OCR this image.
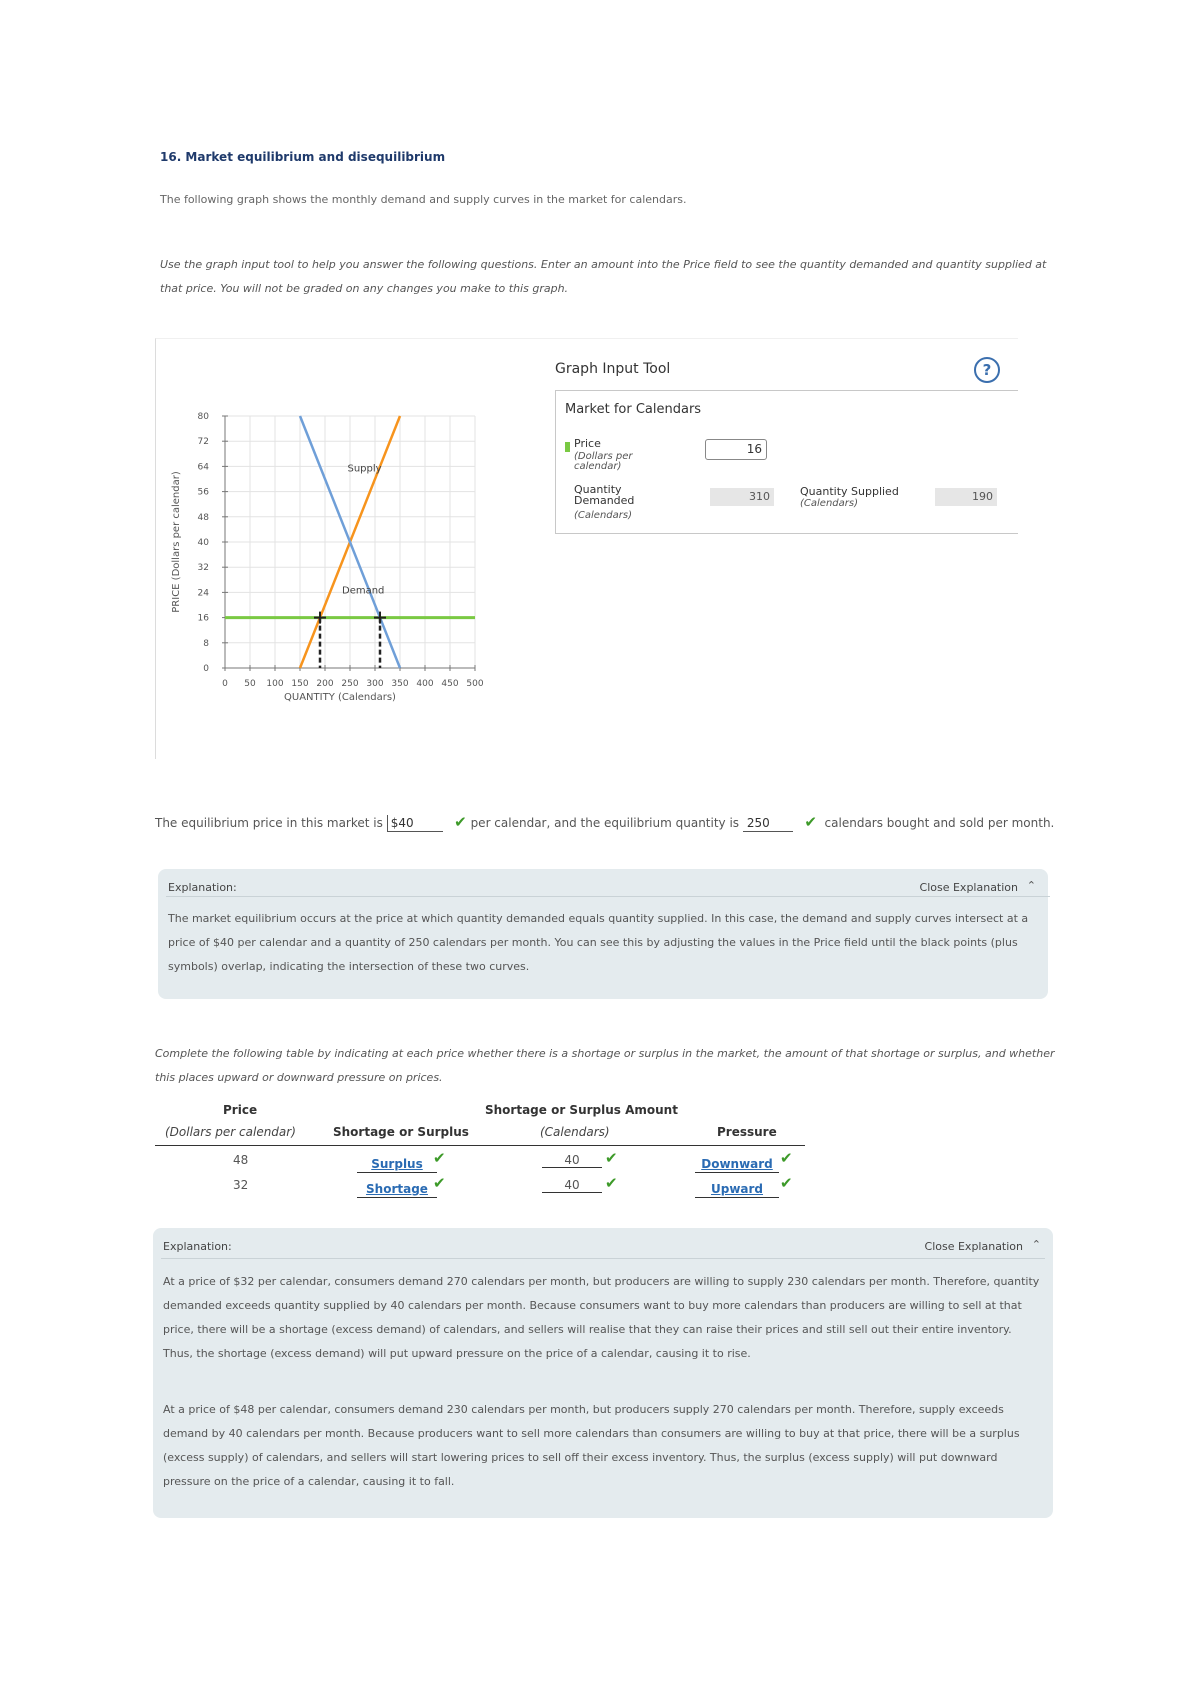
16. Market equilibrium and disequilibrium
The following graph shows the monthly demand and supply curves in the market for calendars.
Use the graph input tool to help you answer the following questions. Enter an amount into the Price field to see the quantity demanded and quantity supplied at that price. You will not be graded on any changes you make to this graph.
0 50 100 150 200 250 300 350 400 450 500
0
8
16
24
32
40
48
56
64
72
80
QUANTITY (Calendars)
PRICE (Dollars per calendar)
Supply
Demand
Graph Input Tool	?
Market for Calendars
Price
(Dollars per calendar)
16
Quantity Demanded
(Calendars)
310	Quantity Supplied
(Calendars)
190
The equilibrium price in this market is $40	✔ per calendar, and the equilibrium quantity is 250 ✔ calendars bought and sold per month.
Explanation:	Close Explanation ⌃
The market equilibrium occurs at the price at which quantity demanded equals quantity supplied. In this case, the demand and supply curves intersect at a price of $40 per calendar and a quantity of 250 calendars per month. You can see this by adjusting the values in the Price field until the black points (plus symbols) overlap, indicating the intersection of these two curves.
Complete the following table by indicating at each price whether there is a shortage or surplus in the market, the amount of that shortage or surplus, and whether this places upward or downward pressure on prices.
Price
(Dollars per calendar)	Shortage or Surplus
Shortage or Surplus Amount
(Calendars)	Pressure
48	Surplus ✔	40	✔	Downward ✔
32	Shortage ✔	40	✔	Upward	✔
Explanation:	Close Explanation ⌃
At a price of $32 per calendar, consumers demand 270 calendars per month, but producers are willing to supply 230 calendars per month. Therefore, quantity demanded exceeds quantity supplied by 40 calendars per month. Because consumers want to buy more calendars than producers are willing to sell at that price, there will be a shortage (excess demand) of calendars, and sellers will realise that they can raise their prices and still sell out their entire inventory. Thus, the shortage (excess demand) will put upward pressure on the price of a calendar, causing it to rise.
At a price of $48 per calendar, consumers demand 230 calendars per month, but producers supply 270 calendars per month. Therefore, supply exceeds demand by 40 calendars per month. Because producers want to sell more calendars than consumers are willing to buy at that price, there will be a surplus (excess supply) of calendars, and sellers will start lowering prices to sell off their excess inventory. Thus, the surplus (excess supply) will put downward pressure on the price of a calendar, causing it to fall.
